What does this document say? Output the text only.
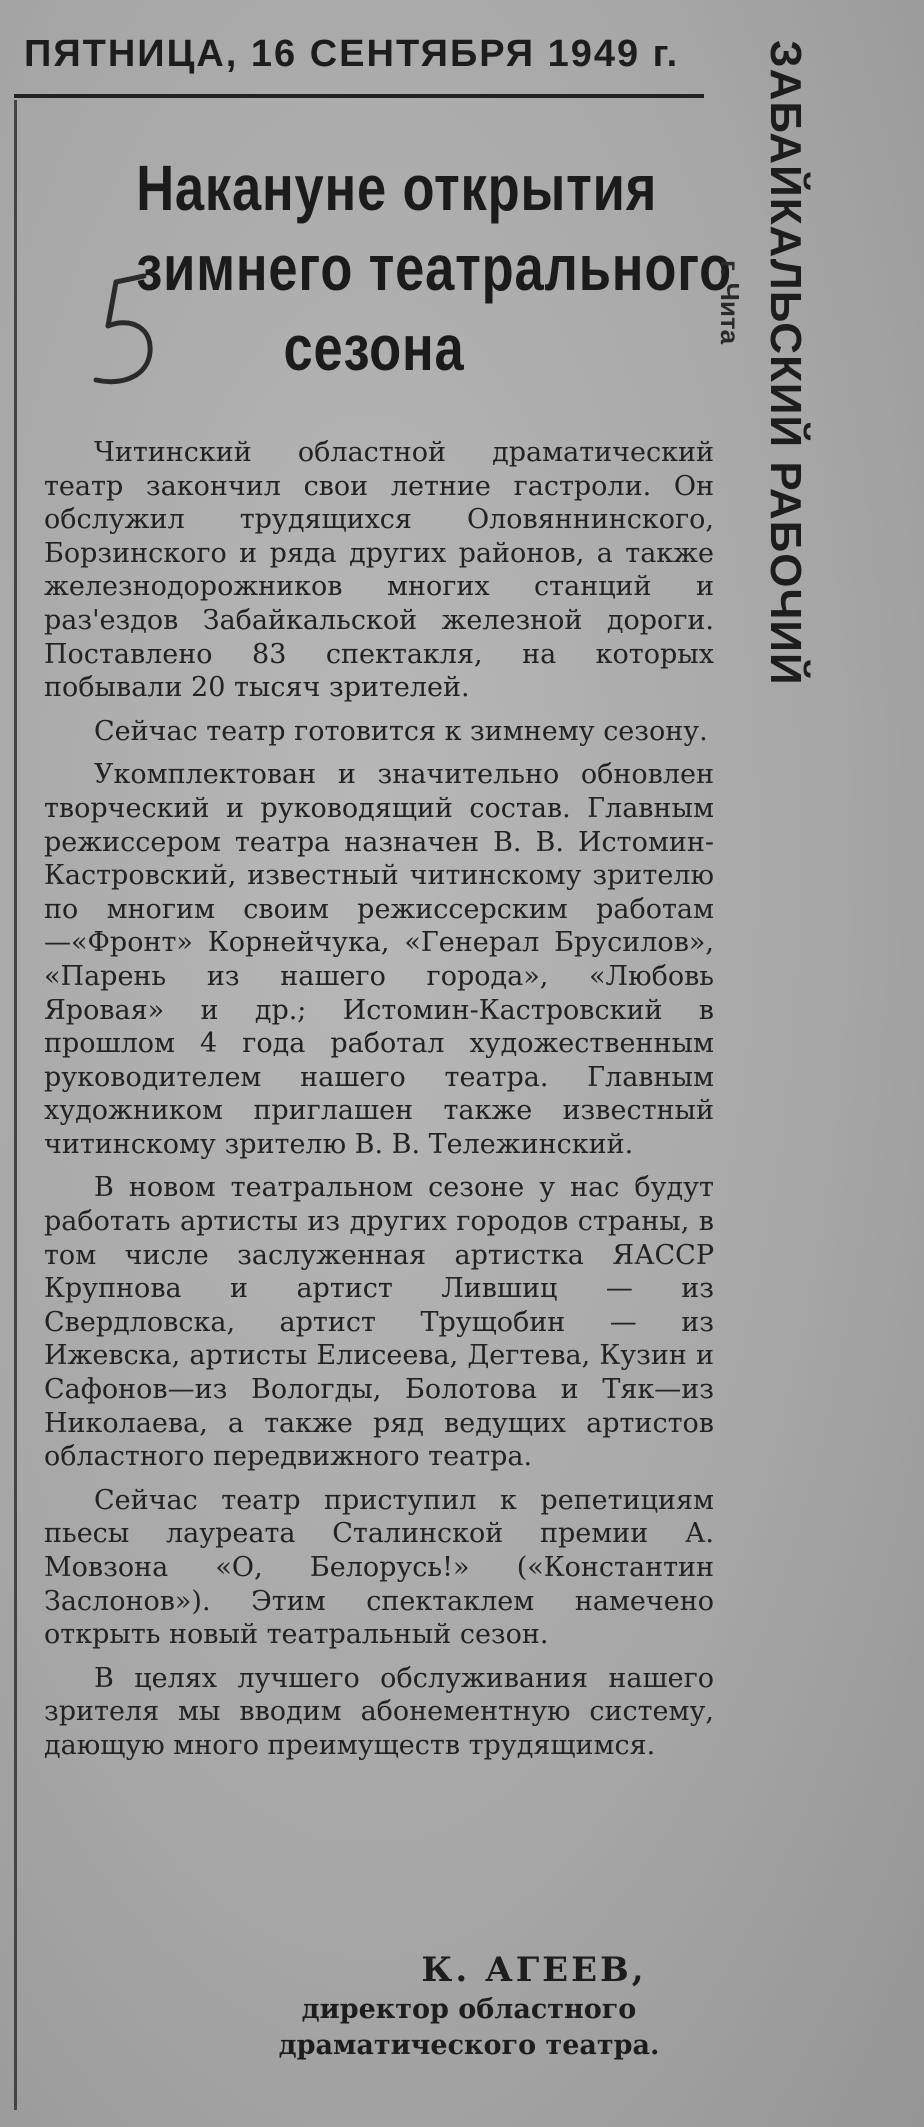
ПЯТНИЦА, 16 СЕНТЯБРЯ 1949 г.
Накануне открытия
зимнего театрального
сезона

Читинский областной драматический театр закончил свои летние гастроли. Он обслужил трудящихся Оловяннинского, Борзинского и ряда других районов, а также железнодорожников многих станций и раз'ездов Забайкальской железной дороги. Поставлено 83 спектакля, на которых побывали 20 тысяч зрителей.

Сейчас театр готовится к зимнему сезону.

Укомплектован и значительно обновлен творческий и руководящий состав. Главным режиссером театра назначен В. В. Истомин-Кастровский, известный читинскому зрителю по многим своим режиссерским работам—«Фронт» Корнейчука, «Генерал Брусилов», «Парень из нашего города», «Любовь Яровая» и др.; Истомин-Кастровский в прошлом 4 года работал художественным руководителем нашего театра. Главным художником приглашен также известный читинскому зрителю В. В. Тележинский.

В новом театральном сезоне у нас будут работать артисты из других городов страны, в том числе заслуженная артистка ЯАССР Крупнова и артист Лившиц — из Свердловска, артист Трущобин — из Ижевска, артисты Елисеева, Дегтева, Кузин и Сафонов—из Вологды, Болотова и Тяк—из Николаева, а также ряд ведущих артистов областного передвижного театра.

Сейчас театр приступил к репетициям пьесы лауреата Сталинской премии А. Мовзона «О, Белорусь!» («Константин Заслонов»). Этим спектаклем намечено открыть новый театральный сезон.

В целях лучшего обслуживания нашего зрителя мы вводим абонементную систему, дающую много преимуществ трудящимся.

К. АГЕЕВ,
директор областного
драматического театра.
ЗАБАЙКАЛЬСКИЙ РАБОЧИЙ
г. Чита
